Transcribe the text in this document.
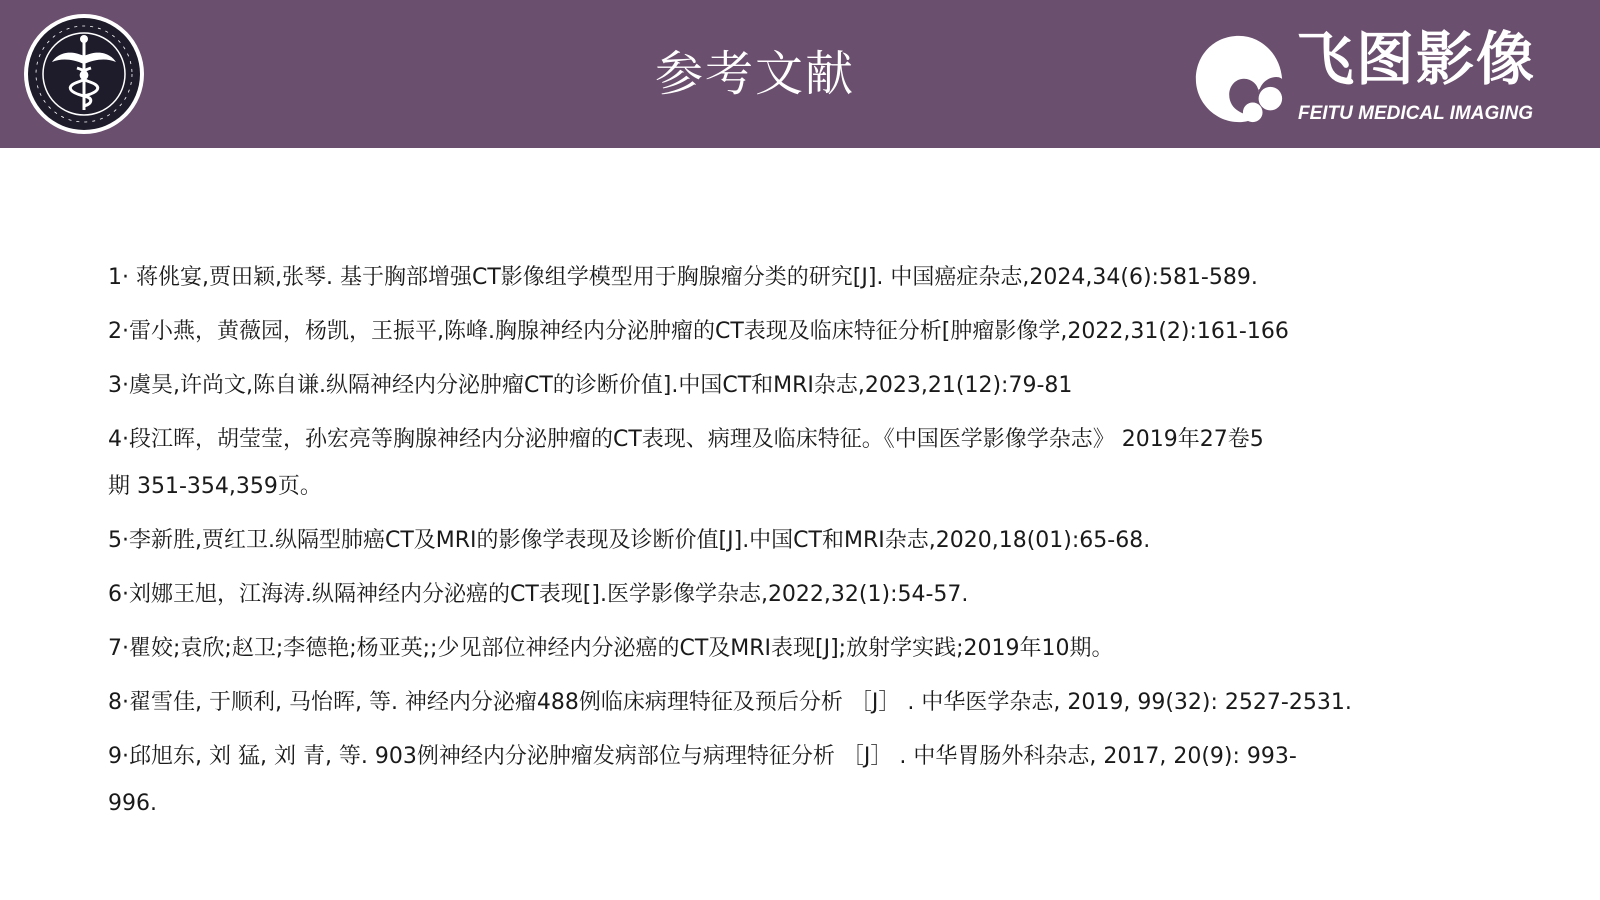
参考文献	飞图影像
FEITU MEDICAL IMAGING
1· 蒋佻宴,贾田颖,张琴. 基于胸部增强CT影像组学模型用于胸腺瘤分类的研究[J]. 中国癌症杂志,2024,34(6):581-589.
2·雷小燕，黄薇园，杨凯，王振平,陈峰.胸腺神经内分泌肿瘤的CT表现及临床特征分析[肿瘤影像学,2022,31(2):161-166
3·虞昊,许尚文,陈自谦.纵隔神经内分泌肿瘤CT的诊断价值].中国CT和MRI杂志,2023,21(12):79-81
4·段江晖，胡莹莹，孙宏亮等胸腺神经内分泌肿瘤的CT表现、病理及临床特征。《中国医学影像学杂志》 2019年27卷5
期 351-354,359页。
5·李新胜,贾红卫.纵隔型肺癌CT及MRI的影像学表现及诊断价值[J].中国CT和MRI杂志,2020,18(01):65-68.
6·刘娜王旭，江海涛.纵隔神经内分泌癌的CT表现[].医学影像学杂志,2022,32(1):54-57.
7·瞿姣;袁欣;赵卫;李德艳;杨亚英;;少见部位神经内分泌癌的CT及MRI表现[J];放射学实践;2019年10期。
8·翟雪佳, 于顺利, 马怡晖, 等. 神经内分泌瘤488例临床病理特征及预后分析 ［J］ . 中华医学杂志, 2019, 99(32): 2527-2531.
9·邱旭东, 刘 猛, 刘 青, 等. 903例神经内分泌肿瘤发病部位与病理特征分析 ［J］ . 中华胃肠外科杂志, 2017, 20(9): 993-
996.
